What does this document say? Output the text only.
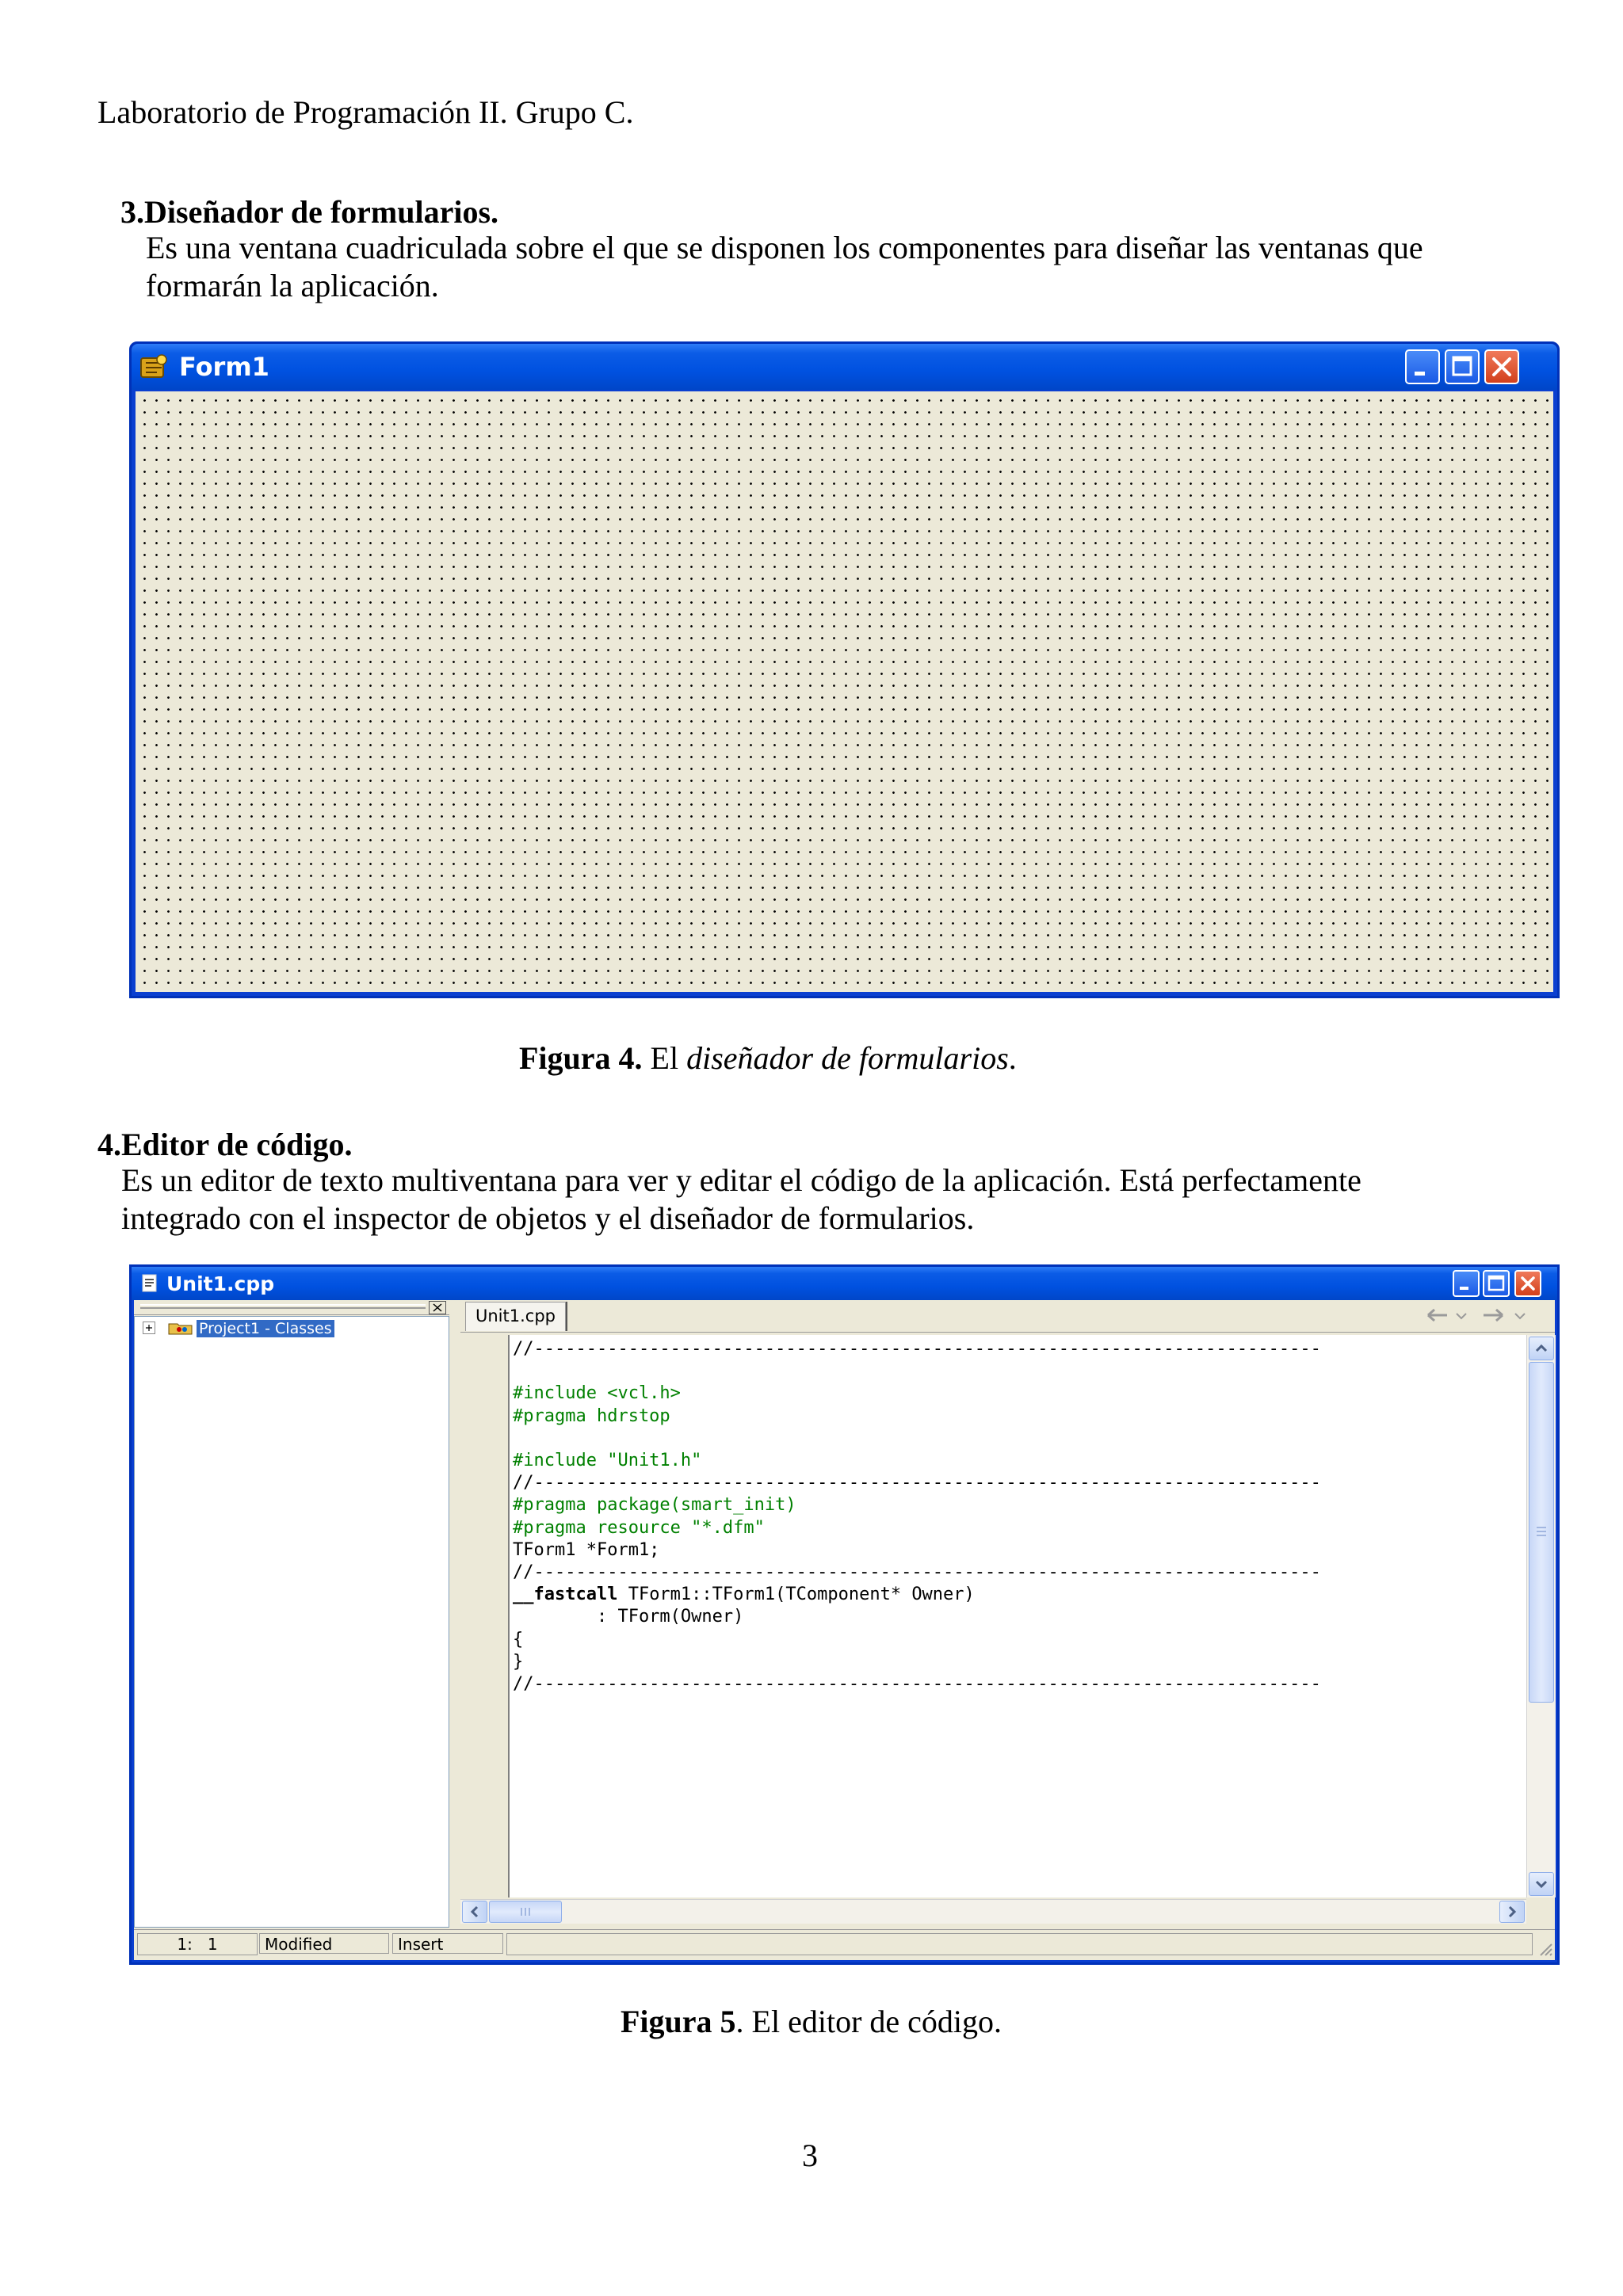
Laboratorio de Programación II. Grupo C.
3.Diseñador de formularios.
Es una ventana cuadriculada sobre el que se disponen los componentes para diseñar las ventanas que
formarán la aplicación.
Form1
Figura 4. El diseñador de formularios.
4.Editor de código.
Es un editor de texto multiventana para ver y editar el código de la aplicación. Está perfectamente
integrado con el inspector de objetos y el diseñador de formularios.
Unit1.cpp
Project1 - Classes
Unit1.cpp
//---------------------------------------------------------------------------

#include <vcl.h>
#pragma hdrstop

#include "Unit1.h"
//---------------------------------------------------------------------------
#pragma package(smart_init)
#pragma resource "*.dfm"
TForm1 *Form1;
//---------------------------------------------------------------------------
__fastcall TForm1::TForm1(TComponent* Owner)
: TForm(Owner)
{
}
//---------------------------------------------------------------------------
1:   1	Modified	Insert
Figura 5. El editor de código.
3
